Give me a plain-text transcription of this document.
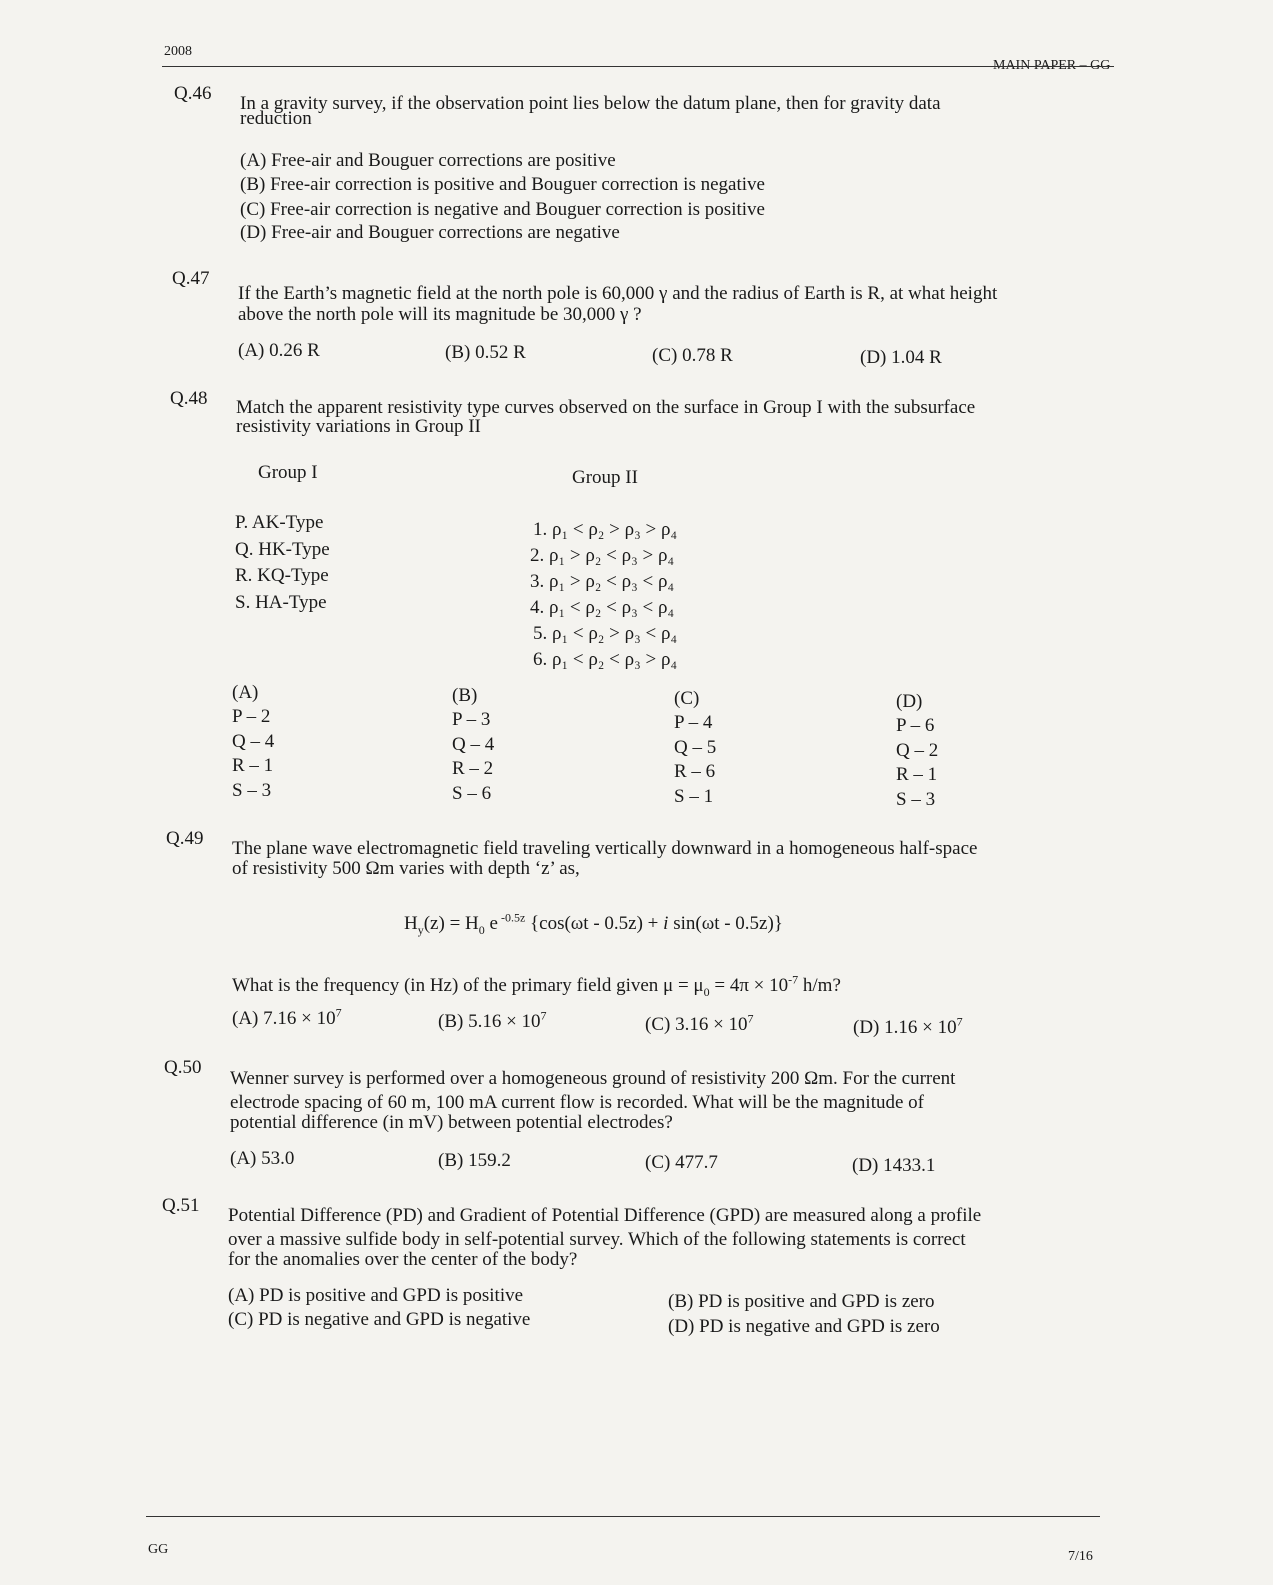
2008
MAIN PAPER – GG
Q.46 In a gravity survey, if the observation point lies below the datum plane, then for gravity data
reduction
(A) Free-air and Bouguer corrections are positive
(B) Free-air correction is positive and Bouguer correction is negative
(C) Free-air correction is negative and Bouguer correction is positive
(D) Free-air and Bouguer corrections are negative
Q.47
If the Earth’s magnetic field at the north pole is 60,000 γ and the radius of Earth is R, at what height
above the north pole will its magnitude be 30,000 γ ?
(A) 0.26 R	(B) 0.52 R	(C) 0.78 R	(D) 1.04 R
Q.48 Match the apparent resistivity type curves observed on the surface in Group I with the subsurface
resistivity variations in Group II
Group I	Group II
P. AK-Type
Q. HK-Type
R. KQ-Type
S. HA-Type
1. ρ₁ < ρ₂ > ρ₃ > ρ₄
2. ρ₁ > ρ₂ < ρ₃ > ρ₄
3. ρ₁ > ρ₂ < ρ₃ < ρ₄
4. ρ₁ < ρ₂ < ρ₃ < ρ₄
5. ρ₁ < ρ₂ > ρ₃ < ρ₄
6. ρ₁ < ρ₂ < ρ₃ > ρ₄
(A)
P – 2
Q – 4
R – 1
S – 3
(B)
P – 3
Q – 4
R – 2
S – 6
(C)
P – 4
Q – 5
R – 6
S – 1
(D)
P – 6
Q – 2
R – 1
S – 3
Q.49 The plane wave electromagnetic field traveling vertically downward in a homogeneous half-space
of resistivity 500 Ωm varies with depth ‘z’ as,
$H_y(z) = H_0$ e $^{-0.5z}$ {cos(ωt - 0.5z) + i sin(ωt - 0.5z)}
What is the frequency (in Hz) of the primary field given $\mu = \mu_0 = 4\pi \times 10^{-7}$ h/m?
(A) $7.16 \times 10^7$	(B) $5.16 \times 10^7$	(C) $3.16 \times 10^7$	(D) $1.16 \times 10^7$
Q.50
Wenner survey is performed over a homogeneous ground of resistivity 200 Ωm. For the current
electrode spacing of 60 m, 100 mA current flow is recorded. What will be the magnitude of
potential difference (in mV) between potential electrodes?
(A) 53.0	(B) 159.2	(C) 477.7	(D) 1433.1
Q.51 Potential Difference (PD) and Gradient of Potential Difference (GPD) are measured along a profile
over a massive sulfide body in self-potential survey. Which of the following statements is correct
for the anomalies over the center of the body?
(A) PD is positive and GPD is positive	(B) PD is positive and GPD is zero
(C) PD is negative and GPD is negative	(D) PD is negative and GPD is zero
GG	7/16
